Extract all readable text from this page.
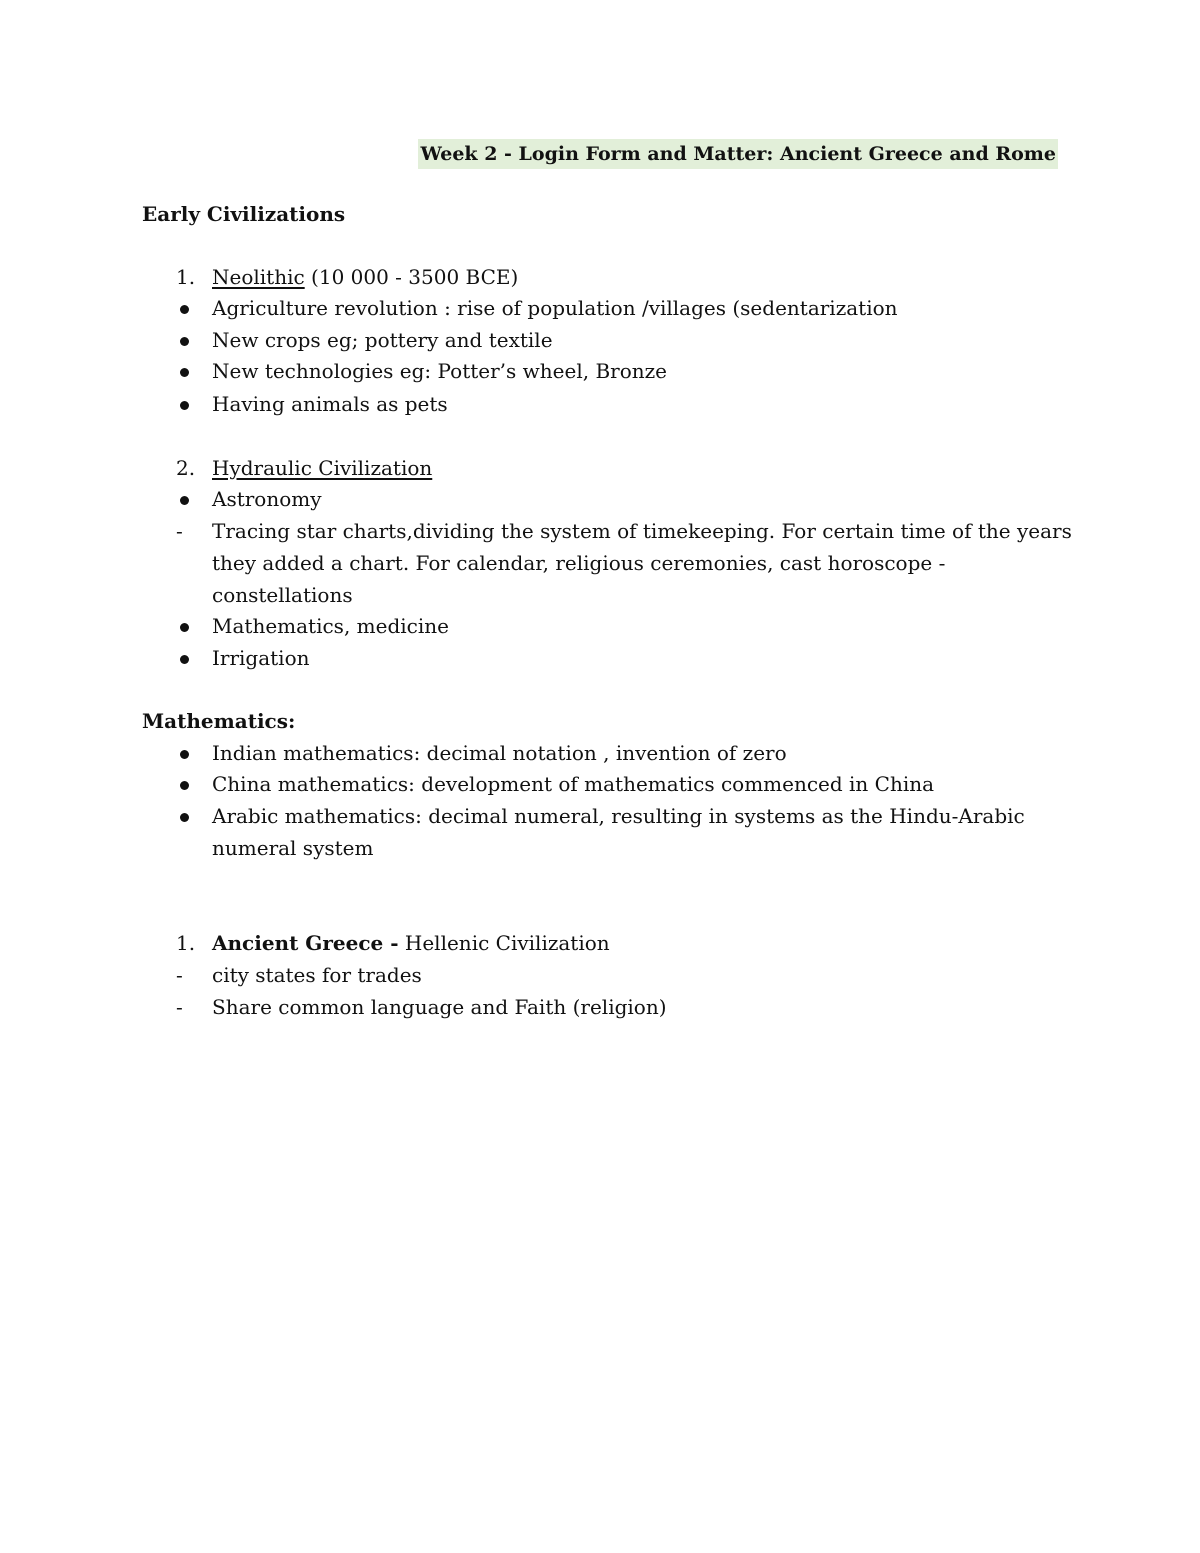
Week 2 - Login Form and Matter: Ancient Greece and Rome
Early Civilizations
1. Neolithic (10 000 - 3500 BCE)
Agriculture revolution : rise of population /villages (sedentarization
New crops eg; pottery and textile
New technologies eg: Potter’s wheel, Bronze
Having animals as pets
2. Hydraulic Civilization
Astronomy
-	Tracing star charts,dividing the system of timekeeping. For certain time of the years
they added a chart. For calendar, religious ceremonies, cast horoscope -
constellations
Mathematics, medicine
Irrigation
Mathematics:
Indian mathematics: decimal notation , invention of zero
China mathematics: development of mathematics commenced in China
Arabic mathematics: decimal numeral, resulting in systems as the Hindu-Arabic
numeral system
1. Ancient Greece - Hellenic Civilization
-	city states for trades
-	Share common language and Faith (religion)
